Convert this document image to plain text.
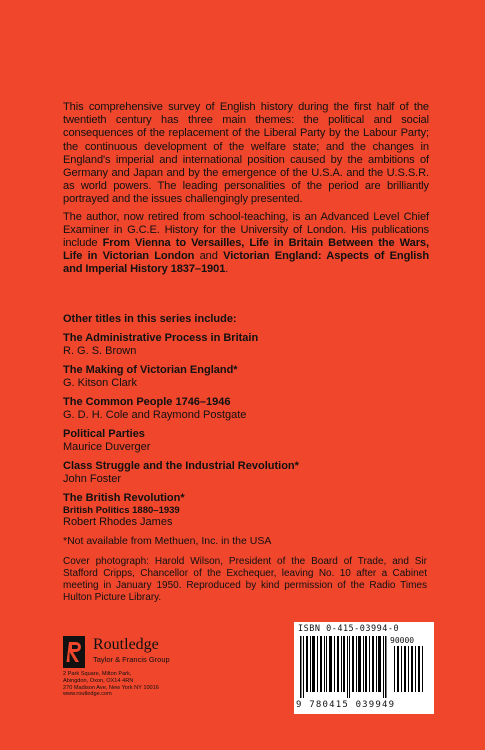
This comprehensive survey of English history during the first half of the twentieth century has three main themes: the political and social consequences of the replacement of the Liberal Party by the Labour Party; the continuous development of the welfare state; and the changes in England's imperial and international position caused by the ambitions of Germany and Japan and by the emergence of the U.S.A. and the U.S.S.R. as world powers. The leading personalities of the period are brilliantly portrayed and the issues challengingly presented.

The author, now retired from school-teaching, is an Advanced Level Chief Examiner in G.C.E. History for the University of London. His publications include From Vienna to Versailles, Life in Britain Between the Wars, Life in Victorian London and Victorian England: Aspects of English and Imperial History 1837–1901.

Other titles in this series include:
The Administrative Process in Britain
R. G. S. Brown
The Making of Victorian England*
G. Kitson Clark
The Common People 1746–1946
G. D. H. Cole and Raymond Postgate
Political Parties
Maurice Duverger
Class Struggle and the Industrial Revolution*
John Foster
The British Revolution*
British Politics 1880–1939
Robert Rhodes James
*Not available from Methuen, Inc. in the USA
Cover photograph: Harold Wilson, President of the Board of Trade, and Sir Stafford Cripps, Chancellor of the Exchequer, leaving No. 10 after a Cabinet meeting in January 1950. Reproduced by kind permission of the Radio Times Hulton Picture Library.
Routledge
Taylor & Francis Group
2 Park Square, Milton Park,
Abingdon, Oxon, OX14 4RN
270 Madison Ave, New York NY 10016
www.routledge.com
ISBN 0-415-03994-0
90000
9 780415 039949
